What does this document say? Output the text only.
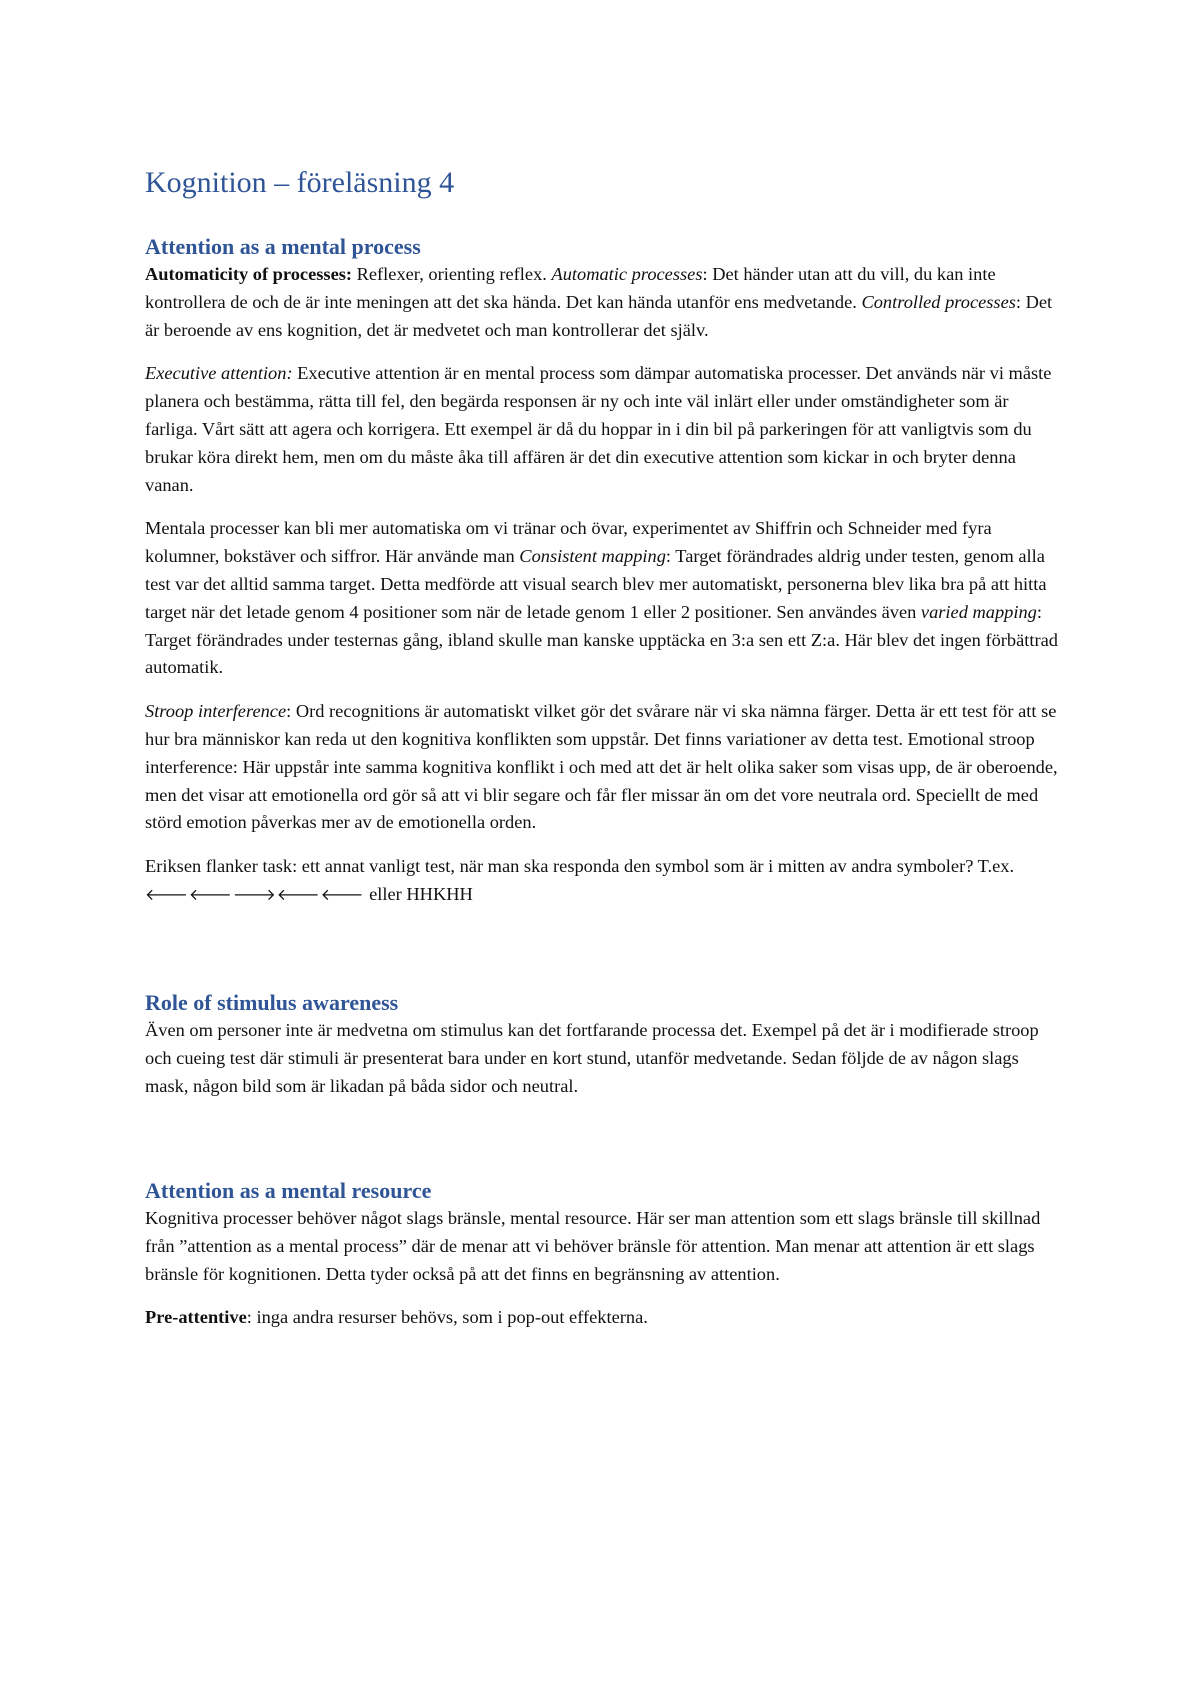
Kognition – föreläsning 4
Attention as a mental process

Automaticity of processes: Reflexer, orienting reflex. Automatic processes: Det händer utan att du vill, du kan inte kontrollera de och de är inte meningen att det ska hända. Det kan hända utanför ens medvetande. Controlled processes: Det är beroende av ens kognition, det är medvetet och man kontrollerar det själv.

Executive attention: Executive attention är en mental process som dämpar automatiska processer. Det används när vi måste planera och bestämma, rätta till fel, den begärda responsen är ny och inte väl inlärt eller under omständigheter som är farliga. Vårt sätt att agera och korrigera. Ett exempel är då du hoppar in i din bil på parkeringen för att vanligtvis som du brukar köra direkt hem, men om du måste åka till affären är det din executive attention som kickar in och bryter denna vanan.

Mentala processer kan bli mer automatiska om vi tränar och övar, experimentet av Shiffrin och Schneider med fyra kolumner, bokstäver och siffror. Här använde man Consistent mapping: Target förändrades aldrig under testen, genom alla test var det alltid samma target. Detta medförde att visual search blev mer automatiskt, personerna blev lika bra på att hitta target när det letade genom 4 positioner som när de letade genom 1 eller 2 positioner. Sen användes även varied mapping: Target förändrades under testernas gång, ibland skulle man kanske upptäcka en 3:a sen ett Z:a. Här blev det ingen förbättrad automatik.

Stroop interference: Ord recognitions är automatiskt vilket gör det svårare när vi ska nämna färger. Detta är ett test för att se hur bra människor kan reda ut den kognitiva konflikten som uppstår. Det finns variationer av detta test. Emotional stroop interference: Här uppstår inte samma kognitiva konflikt i och med att det är helt olika saker som visas upp, de är oberoende, men det visar att emotionella ord gör så att vi blir segare och får fler missar än om det vore neutrala ord. Speciellt de med störd emotion påverkas mer av de emotionella orden.

Eriksen flanker task: ett annat vanligt test, när man ska responda den symbol som är i mitten av andra symboler? T.ex. 🡐🡐🡒🡐🡐 eller HHKHH

Role of stimulus awareness

Även om personer inte är medvetna om stimulus kan det fortfarande processa det. Exempel på det är i modifierade stroop och cueing test där stimuli är presenterat bara under en kort stund, utanför medvetande. Sedan följde de av någon slags mask, någon bild som är likadan på båda sidor och neutral.

Attention as a mental resource

Kognitiva processer behöver något slags bränsle, mental resource. Här ser man attention som ett slags bränsle till skillnad från ”attention as a mental process” där de menar att vi behöver bränsle för attention. Man menar att attention är ett slags bränsle för kognitionen. Detta tyder också på att det finns en begränsning av attention.

Pre-attentive: inga andra resurser behövs, som i pop-out effekterna.
